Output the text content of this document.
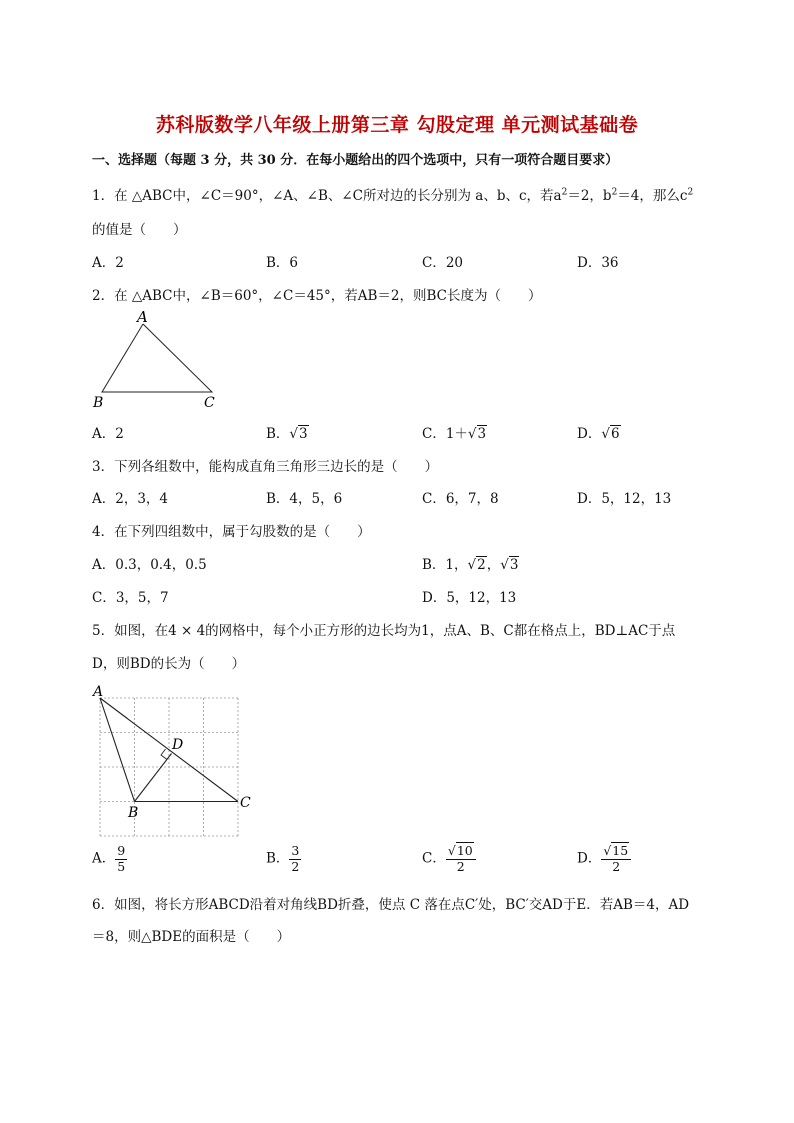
苏科版数学八年级上册第三章 勾股定理 单元测试基础卷
一、选择题（每题 3 分，共 30 分．在每小题给出的四个选项中，只有一项符合题目要求）
1．在 △ABC中，∠C＝90°，∠A、∠B、∠C所对边的长分别为 a、b、c，若$a^2=2$，$b^2=4$，那么$c^2$
的值是（　　）
A．2	B．6	C．20	D．36
2．在 △ABC中，∠B＝60°，∠C＝45°，若AB＝2，则BC长度为（　　）
A
B	C
A．2	B．√3	C．1＋√3	D．√6
3．下列各组数中，能构成直角三角形三边长的是（　　）
A．2，3，4	B．4，5，6	C．6，7，8	D．5，12，13
4．在下列四组数中，属于勾股数的是（　　）
A．0.3，0.4，0.5	B．1，√2，√3
C．3，5，7	D．5，12，13
5．如图，在4 × 4的网格中，每个小正方形的边长均为1，点A、B、C都在格点上，BD⊥AC于点
D，则BD的长为（　　）
A
B
C
D
A． $\frac{9}{5}$	B． $\frac{3}{2}$	C． $\frac{√10}{2}$	D． $\frac{√15}{2}$
6．如图，将长方形ABCD沿着对角线BD折叠，使点 C 落在点C′处，BC′交AD于E．若AB＝4，AD
＝8，则△BDE的面积是（　　）
